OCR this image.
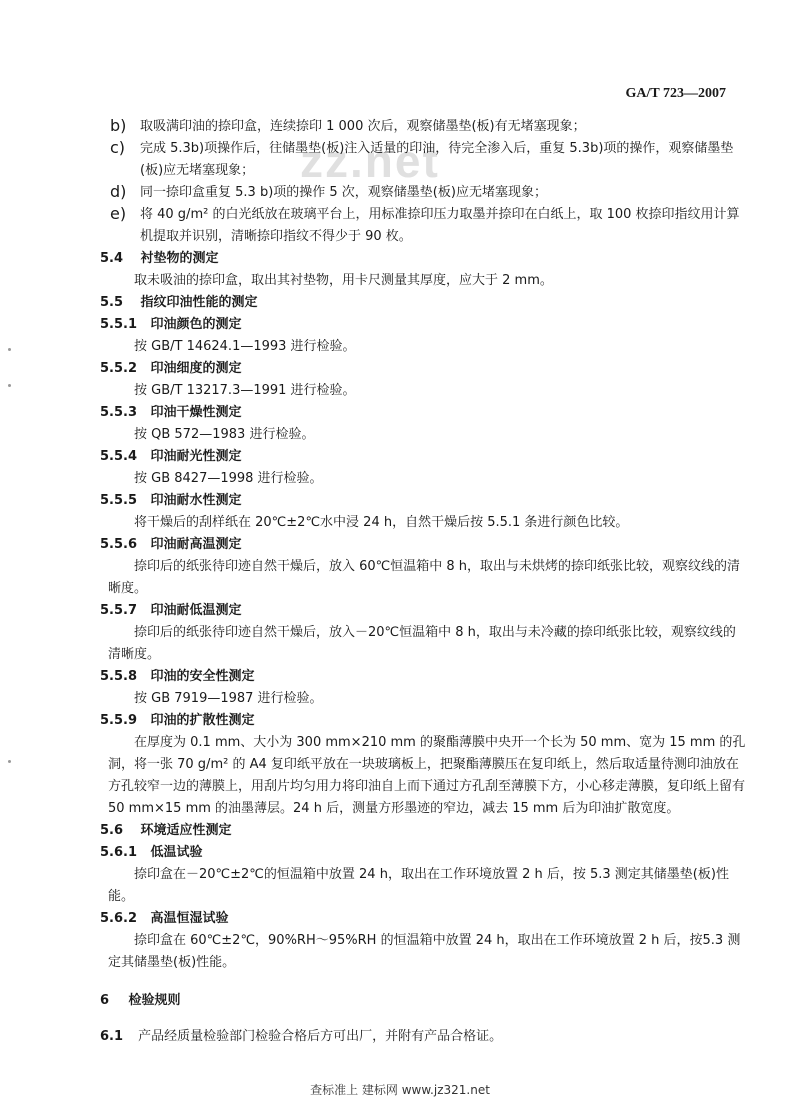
GA/T 723—2007
zz.net
b)	取吸满印油的捺印盒，连续捺印 1 000 次后，观察储墨垫(板)有无堵塞现象；
c)	完成 5.3b)项操作后，往储墨垫(板)注入适量的印油，待完全渗入后，重复 5.3b)项的操作，观察储墨垫(板)应无堵塞现象；
d)	同一捺印盒重复 5.3 b)项的操作 5 次，观察储墨垫(板)应无堵塞现象；
e)	将 40 g/m² 的白光纸放在玻璃平台上，用标准捺印压力取墨并捺印在白纸上，取 100 枚捺印指纹用计算机提取并识别，清晰捺印指纹不得少于 90 枚。
5.4 衬垫物的测定
取未吸油的捺印盒，取出其衬垫物，用卡尺测量其厚度，应大于 2 mm。
5.5 指纹印油性能的测定
5.5.1 印油颜色的测定
按 GB/T 14624.1—1993 进行检验。
5.5.2 印油细度的测定
按 GB/T 13217.3—1991 进行检验。
5.5.3 印油干燥性测定
按 QB 572—1983 进行检验。
5.5.4 印油耐光性测定
按 GB 8427—1998 进行检验。
5.5.5 印油耐水性测定
将干燥后的刮样纸在 20℃±2℃水中浸 24 h，自然干燥后按 5.5.1 条进行颜色比较。
5.5.6 印油耐高温测定
捺印后的纸张待印迹自然干燥后，放入 60℃恒温箱中 8 h，取出与未烘烤的捺印纸张比较，观察纹线的清晰度。
5.5.7 印油耐低温测定
捺印后的纸张待印迹自然干燥后，放入－20℃恒温箱中 8 h，取出与未冷藏的捺印纸张比较，观察纹线的清晰度。
5.5.8 印油的安全性测定
按 GB 7919—1987 进行检验。
5.5.9 印油的扩散性测定
在厚度为 0.1 mm、大小为 300 mm×210 mm 的聚酯薄膜中央开一个长为 50 mm、宽为 15 mm 的孔洞，将一张 70 g/m² 的 A4 复印纸平放在一块玻璃板上，把聚酯薄膜压在复印纸上，然后取适量待测印油放在方孔较窄一边的薄膜上，用刮片均匀用力将印油自上而下通过方孔刮至薄膜下方，小心移走薄膜，复印纸上留有 50 mm×15 mm 的油墨薄层。24 h 后，测量方形墨迹的窄边，减去 15 mm 后为印油扩散宽度。
5.6 环境适应性测定
5.6.1 低温试验
捺印盒在－20℃±2℃的恒温箱中放置 24 h，取出在工作环境放置 2 h 后，按 5.3 测定其储墨垫(板)性能。
5.6.2 高温恒湿试验
捺印盒在 60℃±2℃，90%RH～95%RH 的恒温箱中放置 24 h，取出在工作环境放置 2 h 后，按5.3 测定其储墨垫(板)性能。
6 检验规则
6.1 产品经质量检验部门检验合格后方可出厂，并附有产品合格证。
查标准上 建标网 www.jz321.net
